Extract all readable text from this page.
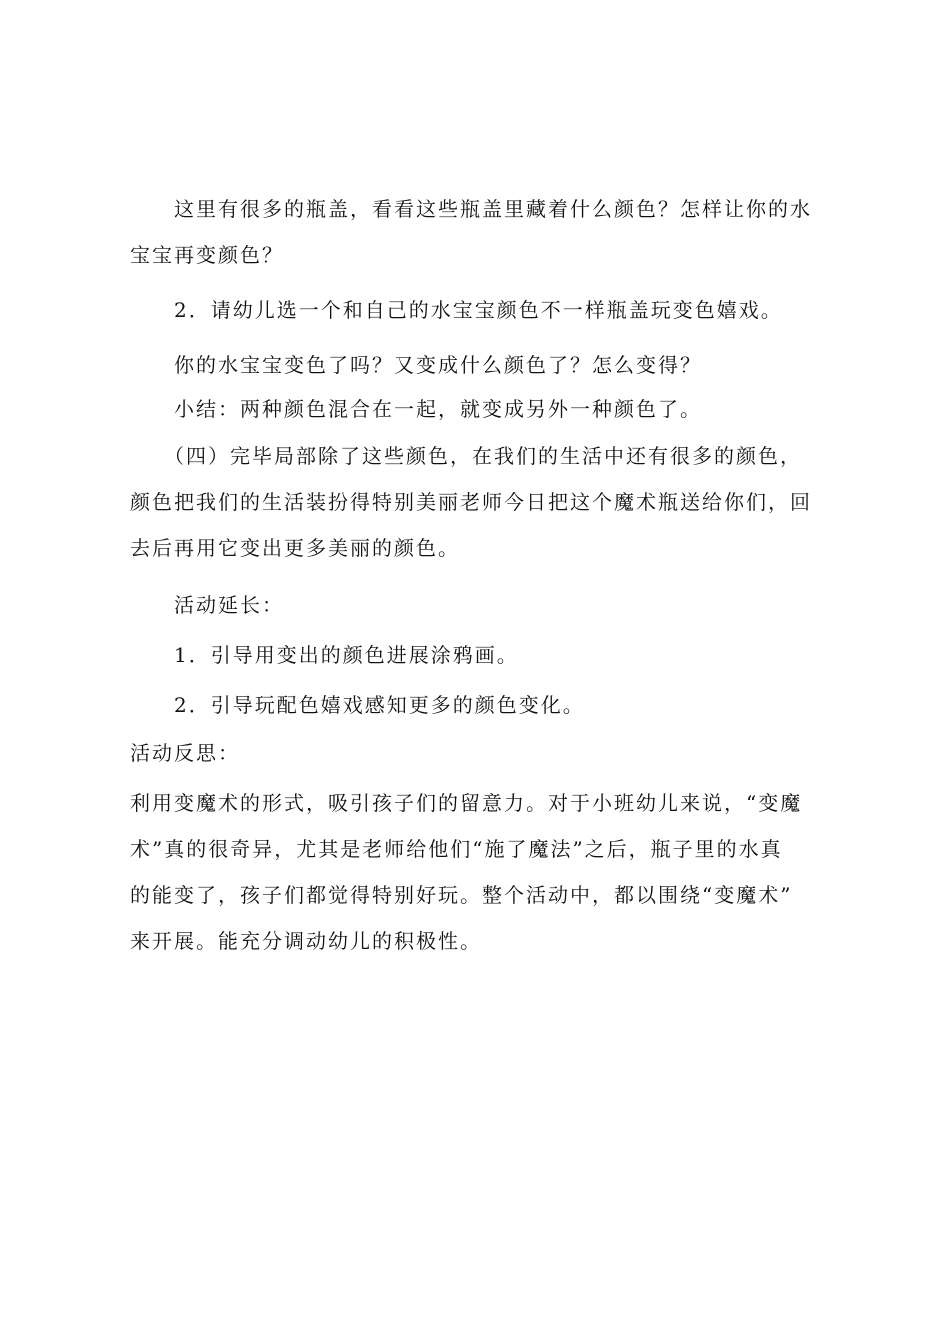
这里有很多的瓶盖，看看这些瓶盖里藏着什么颜色？怎样让你的水

宝宝再变颜色？

2．请幼儿选一个和自己的水宝宝颜色不一样瓶盖玩变色嬉戏。

你的水宝宝变色了吗？又变成什么颜色了？怎么变得？

小结：两种颜色混合在一起，就变成另外一种颜色了。

（四）完毕局部除了这些颜色，在我们的生活中还有很多的颜色，

颜色把我们的生活装扮得特别美丽老师今日把这个魔术瓶送给你们，回

去后再用它变出更多美丽的颜色。

活动延长：

1．引导用变出的颜色进展涂鸦画。

2．引导玩配色嬉戏感知更多的颜色变化。

活动反思：

利用变魔术的形式，吸引孩子们的留意力。对于小班幼儿来说，“变魔

术”真的很奇异，尤其是老师给他们“施了魔法”之后，瓶子里的水真

的能变了，孩子们都觉得特别好玩。整个活动中，都以围绕“变魔术”

来开展。能充分调动幼儿的积极性。
